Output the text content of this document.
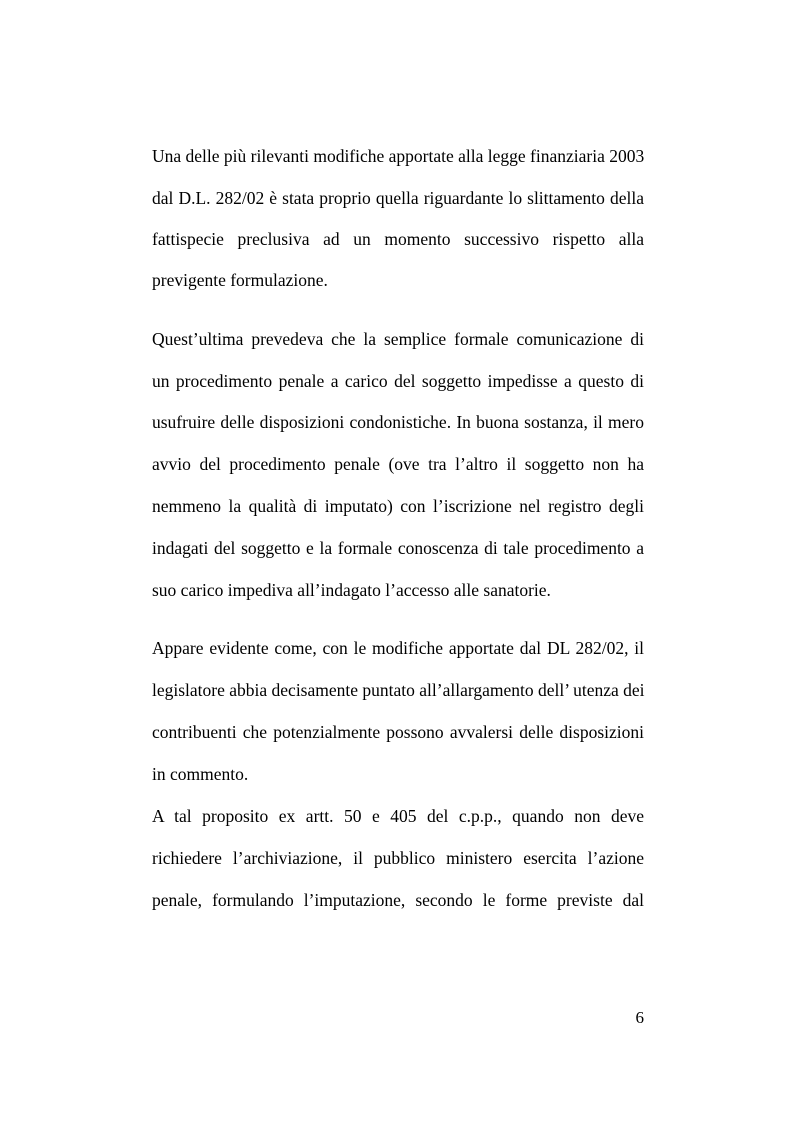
Una delle più rilevanti modifiche apportate alla legge finanziaria 2003

dal D.L. 282/02 è stata proprio quella riguardante lo slittamento della

fattispecie preclusiva ad un momento successivo rispetto alla

previgente formulazione.

Quest’ultima prevedeva che la semplice formale comunicazione di

un procedimento penale a carico del soggetto impedisse a questo di

usufruire delle disposizioni condonistiche. In buona sostanza, il mero

avvio del procedimento penale (ove tra l’altro il soggetto non ha

nemmeno la qualità di imputato) con l’iscrizione nel registro degli

indagati del soggetto e la formale conoscenza di tale procedimento a

suo carico impediva all’indagato l’accesso alle sanatorie.

Appare evidente come, con le modifiche apportate dal DL 282/02, il

legislatore abbia decisamente puntato all’allargamento dell’ utenza dei

contribuenti che potenzialmente possono avvalersi delle disposizioni

in commento.

A tal proposito ex artt. 50 e 405 del c.p.p., quando non deve

richiedere l’archiviazione, il pubblico ministero esercita l’azione

penale, formulando l’imputazione, secondo le forme previste dal

6
